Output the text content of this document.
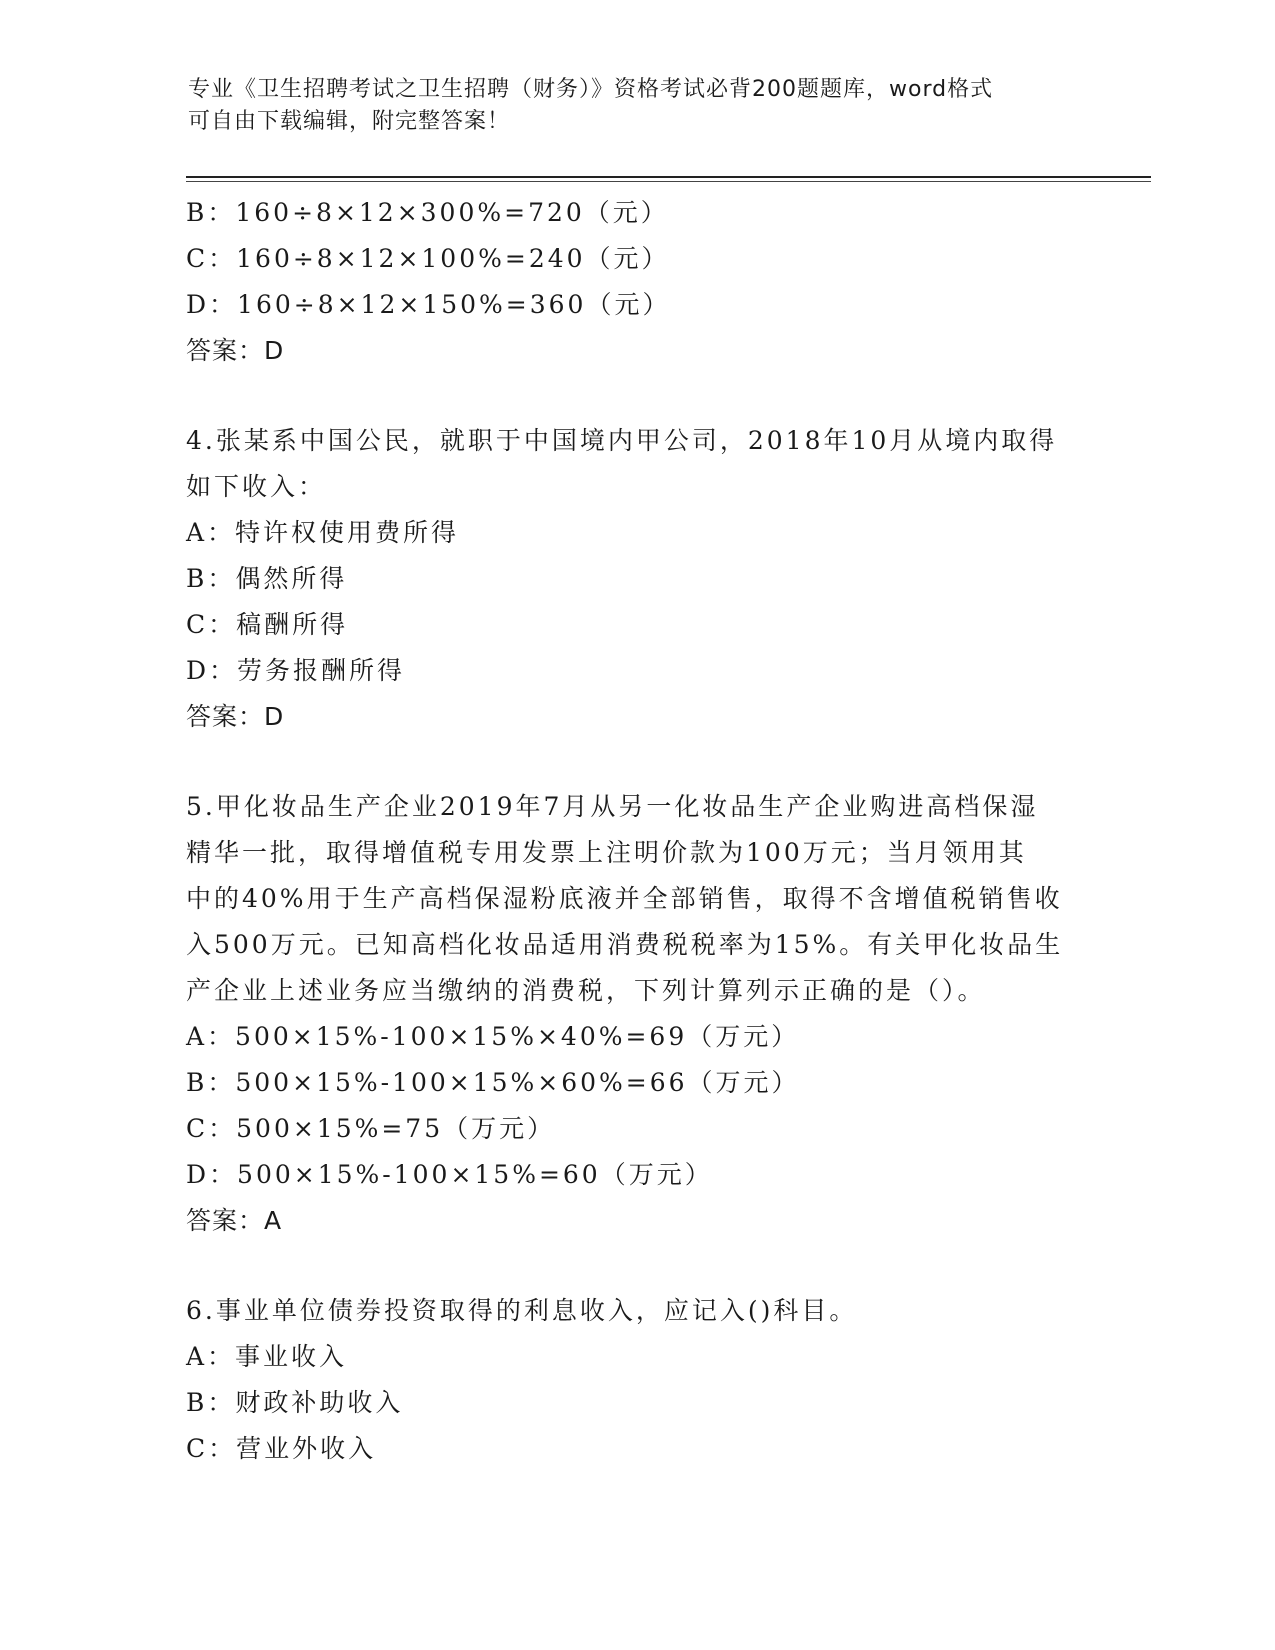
专业《卫生招聘考试之卫生招聘（财务）》资格考试必背200题题库，word格式
可自由下载编辑，附完整答案！
B：160÷8×12×300%=720（元）
C：160÷8×12×100%=240（元）
D：160÷8×12×150%=360（元）
答案：D
4.张某系中国公民，就职于中国境内甲公司，2018年10月从境内取得
如下收入：
A：特许权使用费所得
B：偶然所得
C：稿酬所得
D：劳务报酬所得
答案：D
5.甲化妆品生产企业2019年7月从另一化妆品生产企业购进高档保湿
精华一批，取得增值税专用发票上注明价款为100万元；当月领用其
中的40%用于生产高档保湿粉底液并全部销售，取得不含增值税销售收
入500万元。已知高档化妆品适用消费税税率为15%。有关甲化妆品生
产企业上述业务应当缴纳的消费税，下列计算列示正确的是（）。
A：500×15%-100×15%×40%=69（万元）
B：500×15%-100×15%×60%=66（万元）
C：500×15%=75（万元）
D：500×15%-100×15%=60（万元）
答案：A
6.事业单位债券投资取得的利息收入，应记入()科目。
A：事业收入
B：财政补助收入
C：营业外收入
